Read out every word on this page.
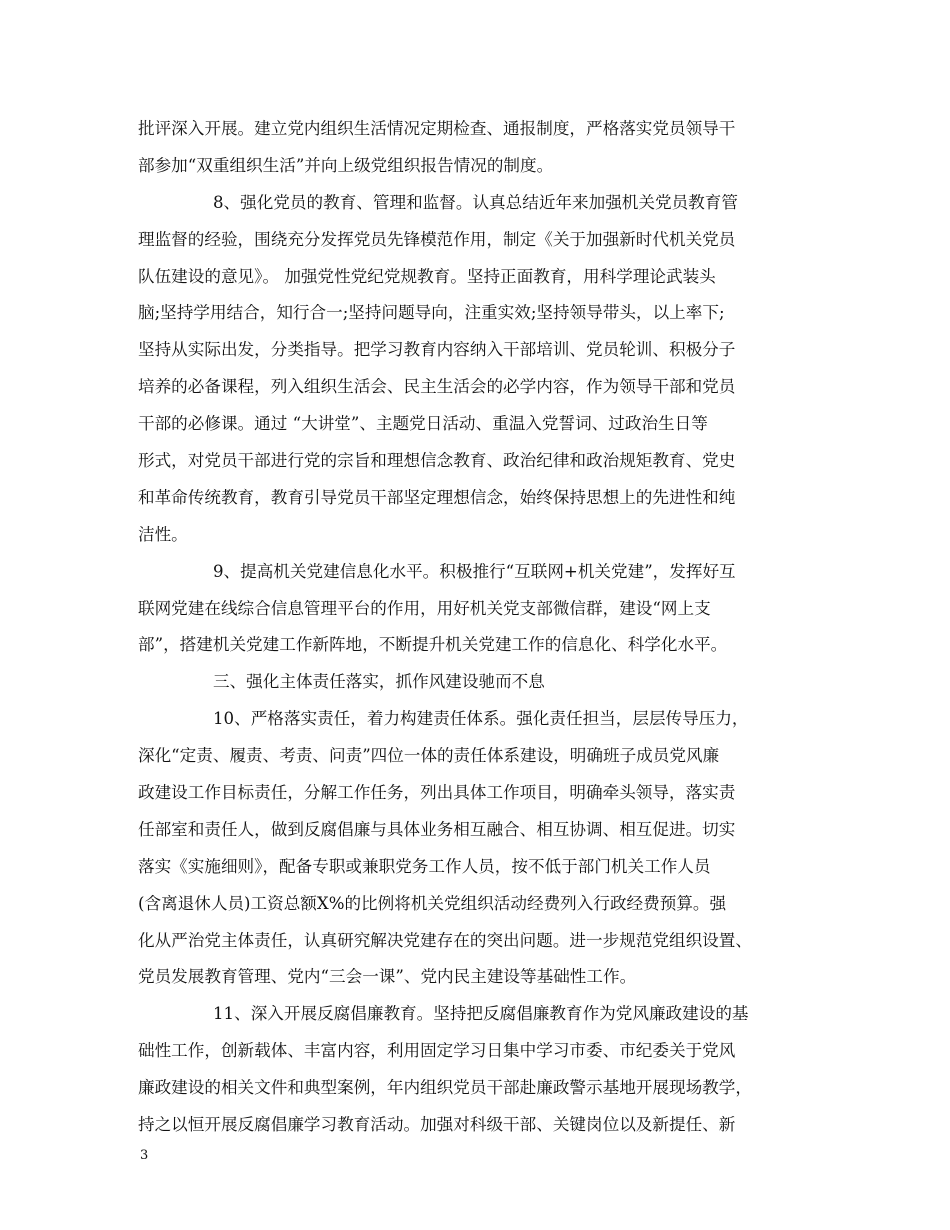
批评深入开展。建立党内组织生活情况定期检查、通报制度，严格落实党员领导干
部参加“双重组织生活”并向上级党组织报告情况的制度。
8、强化党员的教育、管理和监督。认真总结近年来加强机关党员教育管
理监督的经验，围绕充分发挥党员先锋模范作用，制定《关于加强新时代机关党员
队伍建设的意见》。 加强党性党纪党规教育。坚持正面教育，用科学理论武装头
脑;坚持学用结合，知行合一;坚持问题导向，注重实效;坚持领导带头，以上率下;
坚持从实际出发，分类指导。把学习教育内容纳入干部培训、党员轮训、积极分子
培养的必备课程，列入组织生活会、民主生活会的必学内容，作为领导干部和党员
干部的必修课。通过 “大讲堂”、主题党日活动、重温入党誓词、过政治生日等
形式，对党员干部进行党的宗旨和理想信念教育、政治纪律和政治规矩教育、党史
和革命传统教育，教育引导党员干部坚定理想信念，始终保持思想上的先进性和纯
洁性。
9、提高机关党建信息化水平。积极推行“互联网+机关党建”，发挥好互
联网党建在线综合信息管理平台的作用，用好机关党支部微信群，建设“网上支
部”，搭建机关党建工作新阵地，不断提升机关党建工作的信息化、科学化水平。
三、强化主体责任落实，抓作风建设驰而不息
10、严格落实责任，着力构建责任体系。强化责任担当，层层传导压力，
深化“定责、履责、考责、问责”四位一体的责任体系建设，明确班子成员党风廉
政建设工作目标责任，分解工作任务，列出具体工作项目，明确牵头领导，落实责
任部室和责任人，做到反腐倡廉与具体业务相互融合、相互协调、相互促进。切实
落实《实施细则》，配备专职或兼职党务工作人员，按不低于部门机关工作人员
(含离退休人员)工资总额X%的比例将机关党组织活动经费列入行政经费预算。强
化从严治党主体责任，认真研究解决党建存在的突出问题。进一步规范党组织设置、
党员发展教育管理、党内“三会一课”、党内民主建设等基础性工作。
11、深入开展反腐倡廉教育。坚持把反腐倡廉教育作为党风廉政建设的基
础性工作，创新载体、丰富内容，利用固定学习日集中学习市委、市纪委关于党风
廉政建设的相关文件和典型案例，年内组织党员干部赴廉政警示基地开展现场教学，
持之以恒开展反腐倡廉学习教育活动。加强对科级干部、关键岗位以及新提任、新
3
